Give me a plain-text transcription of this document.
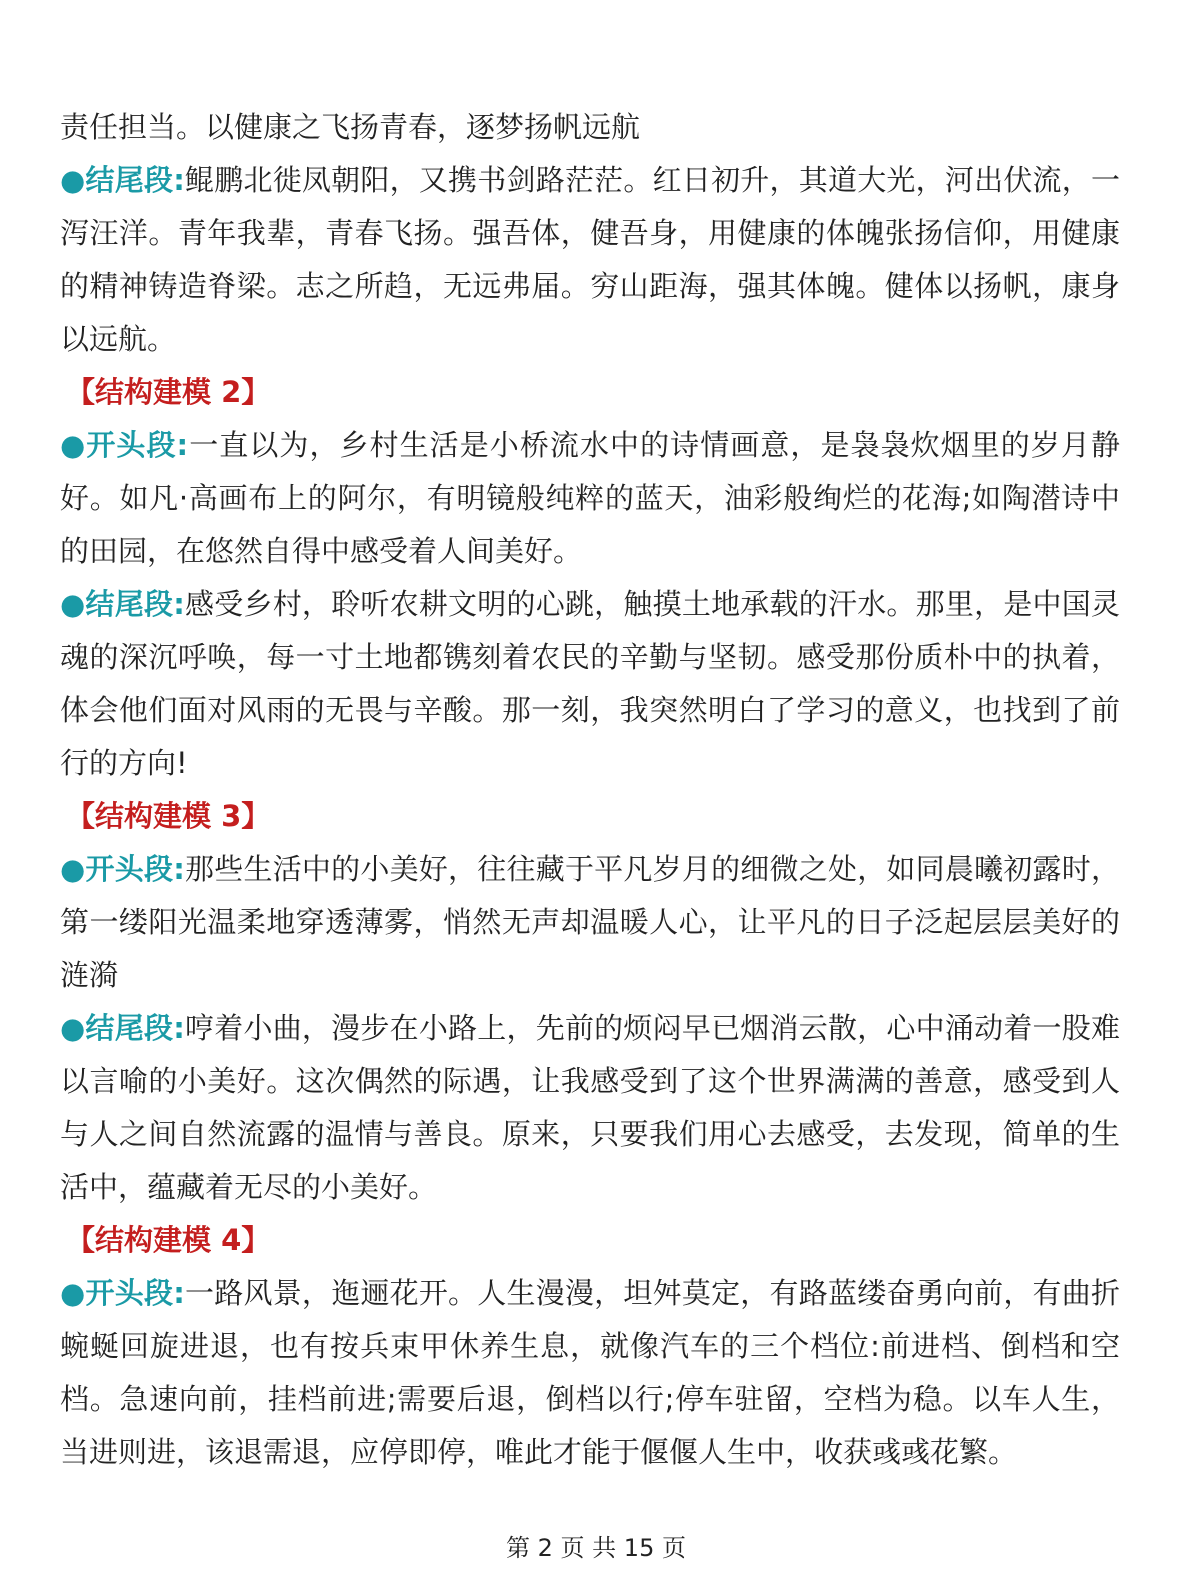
责任担当。以健康之飞扬青春，逐梦扬帆远航

●结尾段:鲲鹏北徙凤朝阳，又携书剑路茫茫。红日初升，其道大光，河出伏流，一泻汪洋。青年我辈，青春飞扬。强吾体，健吾身，用健康的体魄张扬信仰，用健康的精神铸造脊梁。志之所趋，无远弗届。穷山距海，强其体魄。健体以扬帆，康身以远航。

【结构建模 2】

●开头段:一直以为，乡村生活是小桥流水中的诗情画意，是袅袅炊烟里的岁月静好。如凡·高画布上的阿尔，有明镜般纯粹的蓝天，油彩般绚烂的花海;如陶潜诗中的田园，在悠然自得中感受着人间美好。

●结尾段:感受乡村，聆听农耕文明的心跳，触摸土地承载的汗水。那里，是中国灵魂的深沉呼唤，每一寸土地都镌刻着农民的辛勤与坚韧。感受那份质朴中的执着，体会他们面对风雨的无畏与辛酸。那一刻，我突然明白了学习的意义，也找到了前行的方向!

【结构建模 3】

●开头段:那些生活中的小美好，往往藏于平凡岁月的细微之处，如同晨曦初露时，第一缕阳光温柔地穿透薄雾，悄然无声却温暖人心，让平凡的日子泛起层层美好的涟漪

●结尾段:哼着小曲，漫步在小路上，先前的烦闷早已烟消云散，心中涌动着一股难以言喻的小美好。这次偶然的际遇，让我感受到了这个世界满满的善意，感受到人与人之间自然流露的温情与善良。原来，只要我们用心去感受，去发现，简单的生活中，蕴藏着无尽的小美好。

【结构建模 4】

●开头段:一路风景，迤逦花开。人生漫漫，坦舛莫定，有路蓝缕奋勇向前，有曲折蜿蜒回旋进退，也有按兵束甲休养生息，就像汽车的三个档位:前进档、倒档和空档。急速向前，挂档前进;需要后退，倒档以行;停车驻留，空档为稳。以车人生，当进则进，该退需退，应停即停，唯此才能于偃偃人生中，收获彧彧花繁。

第 2 页 共 15 页
